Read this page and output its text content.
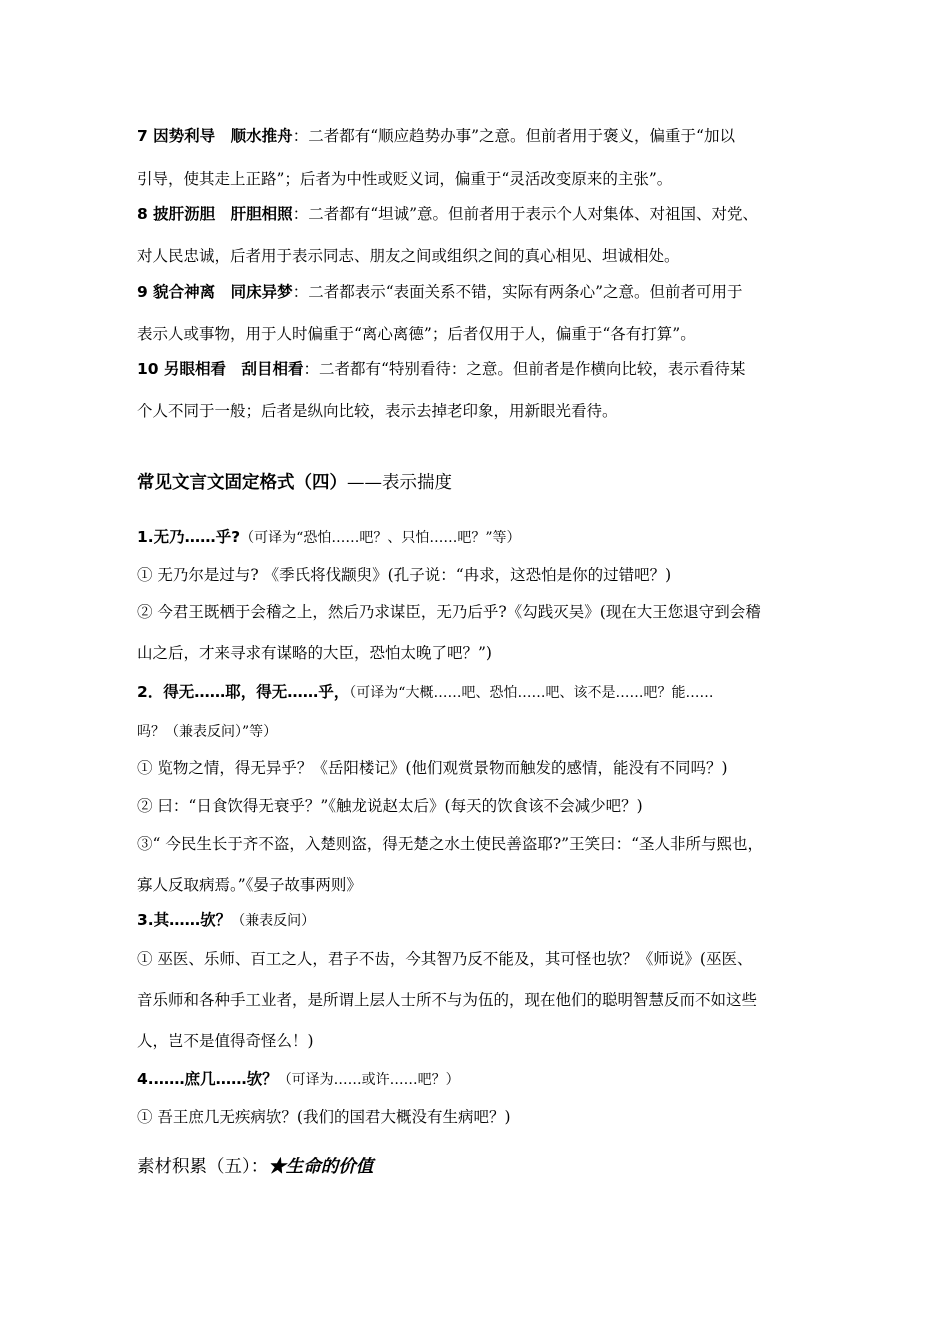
7 因势利导　顺水推舟：二者都有“顺应趋势办事”之意。但前者用于褒义，偏重于“加以
引导，使其走上正路”；后者为中性或贬义词，偏重于“灵活改变原来的主张”。
8 披肝沥胆　肝胆相照：二者都有“坦诚”意。但前者用于表示个人对集体、对祖国、对党、
对人民忠诚，后者用于表示同志、朋友之间或组织之间的真心相见、坦诚相处。
9 貌合神离　同床异梦：二者都表示“表面关系不错，实际有两条心”之意。但前者可用于
表示人或事物，用于人时偏重于“离心离德”；后者仅用于人，偏重于“各有打算”。
10 另眼相看　刮目相看：二者都有“特别看待：之意。但前者是作横向比较，表示看待某
个人不同于一般；后者是纵向比较，表示去掉老印象，用新眼光看待。
常见文言文固定格式（四）——表示揣度
1.无乃……乎?（可译为“恐怕……吧？、只怕……吧？”等）
① 无乃尔是过与? 《季氏将伐颛臾》(孔子说：“冉求，这恐怕是你的过错吧？)
② 今君王既栖于会稽之上，然后乃求谋臣，无乃后乎?《勾践灭吴》(现在大王您退守到会稽
山之后，才来寻求有谋略的大臣，恐怕太晚了吧？”)
2．得无……耶，得无……乎，（可译为“大概……吧、恐怕……吧、该不是……吧？能……
吗？（兼表反问）”等）
① 览物之情，得无异乎？《岳阳楼记》(他们观赏景物而触发的感情，能没有不同吗？)
② 曰：“日食饮得无衰乎？”《触龙说赵太后》(每天的饮食该不会减少吧？)
③“ 今民生长于齐不盗，入楚则盗，得无楚之水土使民善盗耶?”王笑曰：“圣人非所与熙也，
寡人反取病焉。”《晏子故事两则》
3.其……欤？（兼表反问）
① 巫医、乐师、百工之人，君子不齿，今其智乃反不能及，其可怪也欤？《师说》(巫医、
音乐师和各种手工业者，是所谓上层人士所不与为伍的，现在他们的聪明智慧反而不如这些
人，岂不是值得奇怪么！)
4.……庶几……欤？（可译为……或许……吧？）
① 吾王庶几无疾病欤？(我们的国君大概没有生病吧？)
素材积累（五）：★生命的价值
